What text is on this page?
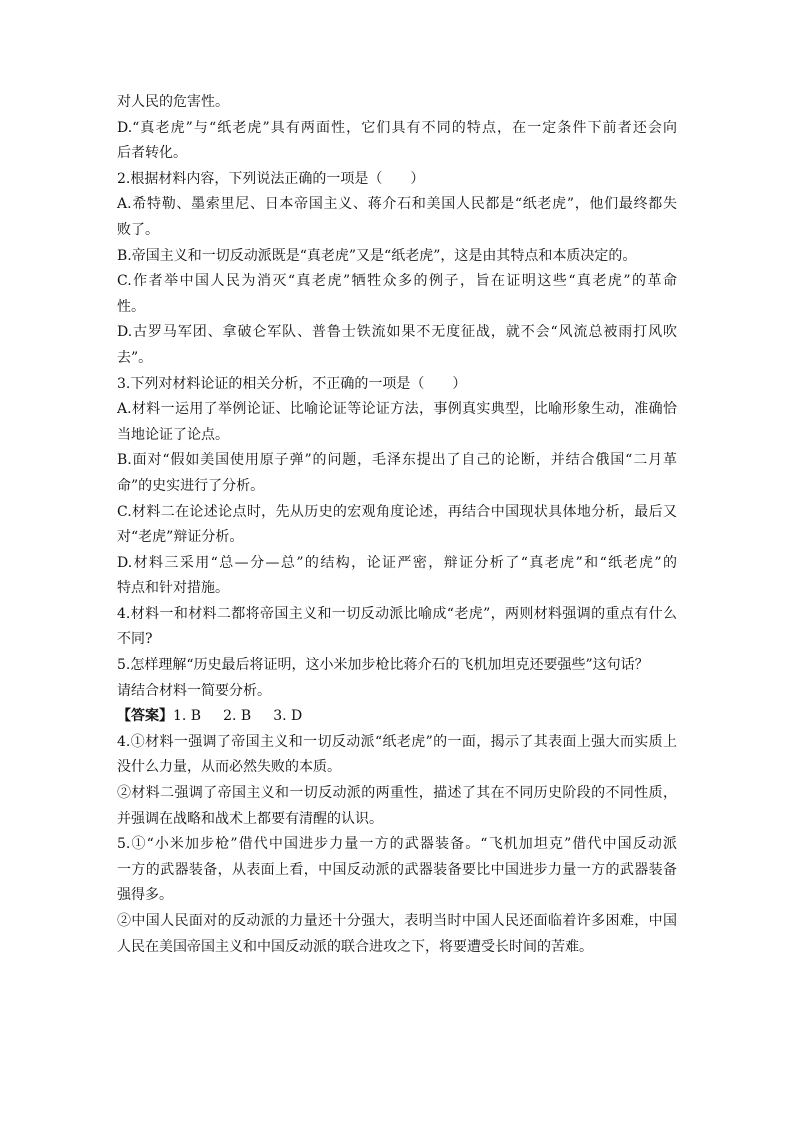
对人民的危害性。
D.“真老虎”与“纸老虎”具有两面性，它们具有不同的特点，在一定条件下前者还会向
后者转化。
2.根据材料内容，下列说法正确的一项是（　　）
A.希特勒、墨索里尼、日本帝国主义、蒋介石和美国人民都是“纸老虎”，他们最终都失
败了。
B.帝国主义和一切反动派既是“真老虎”又是“纸老虎”，这是由其特点和本质决定的。
C.作者举中国人民为消灭“真老虎”牺牲众多的例子，旨在证明这些“真老虎”的革命
性。
D.古罗马军团、拿破仑军队、普鲁士铁流如果不无度征战，就不会“风流总被雨打风吹
去”。
3.下列对材料论证的相关分析，不正确的一项是（　　）
A.材料一运用了举例论证、比喻论证等论证方法，事例真实典型，比喻形象生动，准确恰
当地论证了论点。
B.面对“假如美国使用原子弹”的问题，毛泽东提出了自己的论断，并结合俄国“二月革
命”的史实进行了分析。
C.材料二在论述论点时，先从历史的宏观角度论述，再结合中国现状具体地分析，最后又
对“老虎”辩证分析。
D.材料三采用“总—分—总”的结构，论证严密，辩证分析了“真老虎”和“纸老虎”的
特点和针对措施。
4.材料一和材料二都将帝国主义和一切反动派比喻成“老虎”，两则材料强调的重点有什么
不同?
5.怎样理解“历史最后将证明，这小米加步枪比蒋介石的飞机加坦克还要强些”这句话？
请结合材料一简要分析。
【答案】1. B 2. B 3. D
4.①材料一强调了帝国主义和一切反动派“纸老虎”的一面，揭示了其表面上强大而实质上
没什么力量，从而必然失败的本质。
②材料二强调了帝国主义和一切反动派的两重性，描述了其在不同历史阶段的不同性质，
并强调在战略和战术上都要有清醒的认识。
5.①“小米加步枪”借代中国进步力量一方的武器装备。“飞机加坦克”借代中国反动派
一方的武器装备，从表面上看，中国反动派的武器装备要比中国进步力量一方的武器装备
强得多。
②中国人民面对的反动派的力量还十分强大，表明当时中国人民还面临着许多困难，中国
人民在美国帝国主义和中国反动派的联合进攻之下，将要遭受长时间的苦难。
